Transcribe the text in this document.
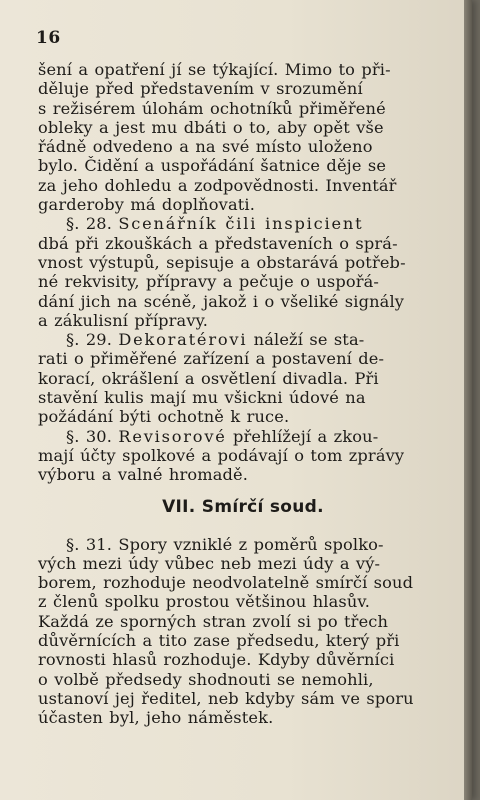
16
šení a opatření jí se týkající. Mimo to při-
děluje před představením v srozumění
s režisérem úlohám ochotníků přiměřené
obleky a jest mu dbáti o to, aby opět vše
řádně odvedeno a na své místo uloženo
bylo. Čidění a uspořádání šatnice děje se
za jeho dohledu a zodpovědnosti. Inventář
garderoby má doplňovati.
§. 28. Scenářník čili inspicient
dbá při zkouškách a představeních o sprá-
vnost výstupů, sepisuje a obstarává potřeb-
né rekvisity, přípravy a pečuje o uspořá-
dání jich na scéně, jakož i o všeliké signály
a zákulisní přípravy.
§. 29. Dekoratérovi náleží se sta-
rati o přiměřené zařízení a postavení de-
korací, okrášlení a osvětlení divadla. Při
stavění kulis mají mu všickni údové na
požádání býti ochotně k ruce.
§. 30. Revisorové přehlížejí a zkou-
mají účty spolkové a podávají o tom zprávy
výboru a valné hromadě.
VII. Smírčí soud.
§. 31. Spory vzniklé z poměrů spolko-
vých mezi údy vůbec neb mezi údy a vý-
borem, rozhoduje neodvolatelně smírčí soud
z členů spolku prostou většinou hlasův.
Každá ze sporných stran zvolí si po třech
důvěrnících a tito zase předsedu, který při
rovnosti hlasů rozhoduje. Kdyby důvěrníci
o volbě předsedy shodnouti se nemohli,
ustanoví jej ředitel, neb kdyby sám ve sporu
účasten byl, jeho náměstek.
